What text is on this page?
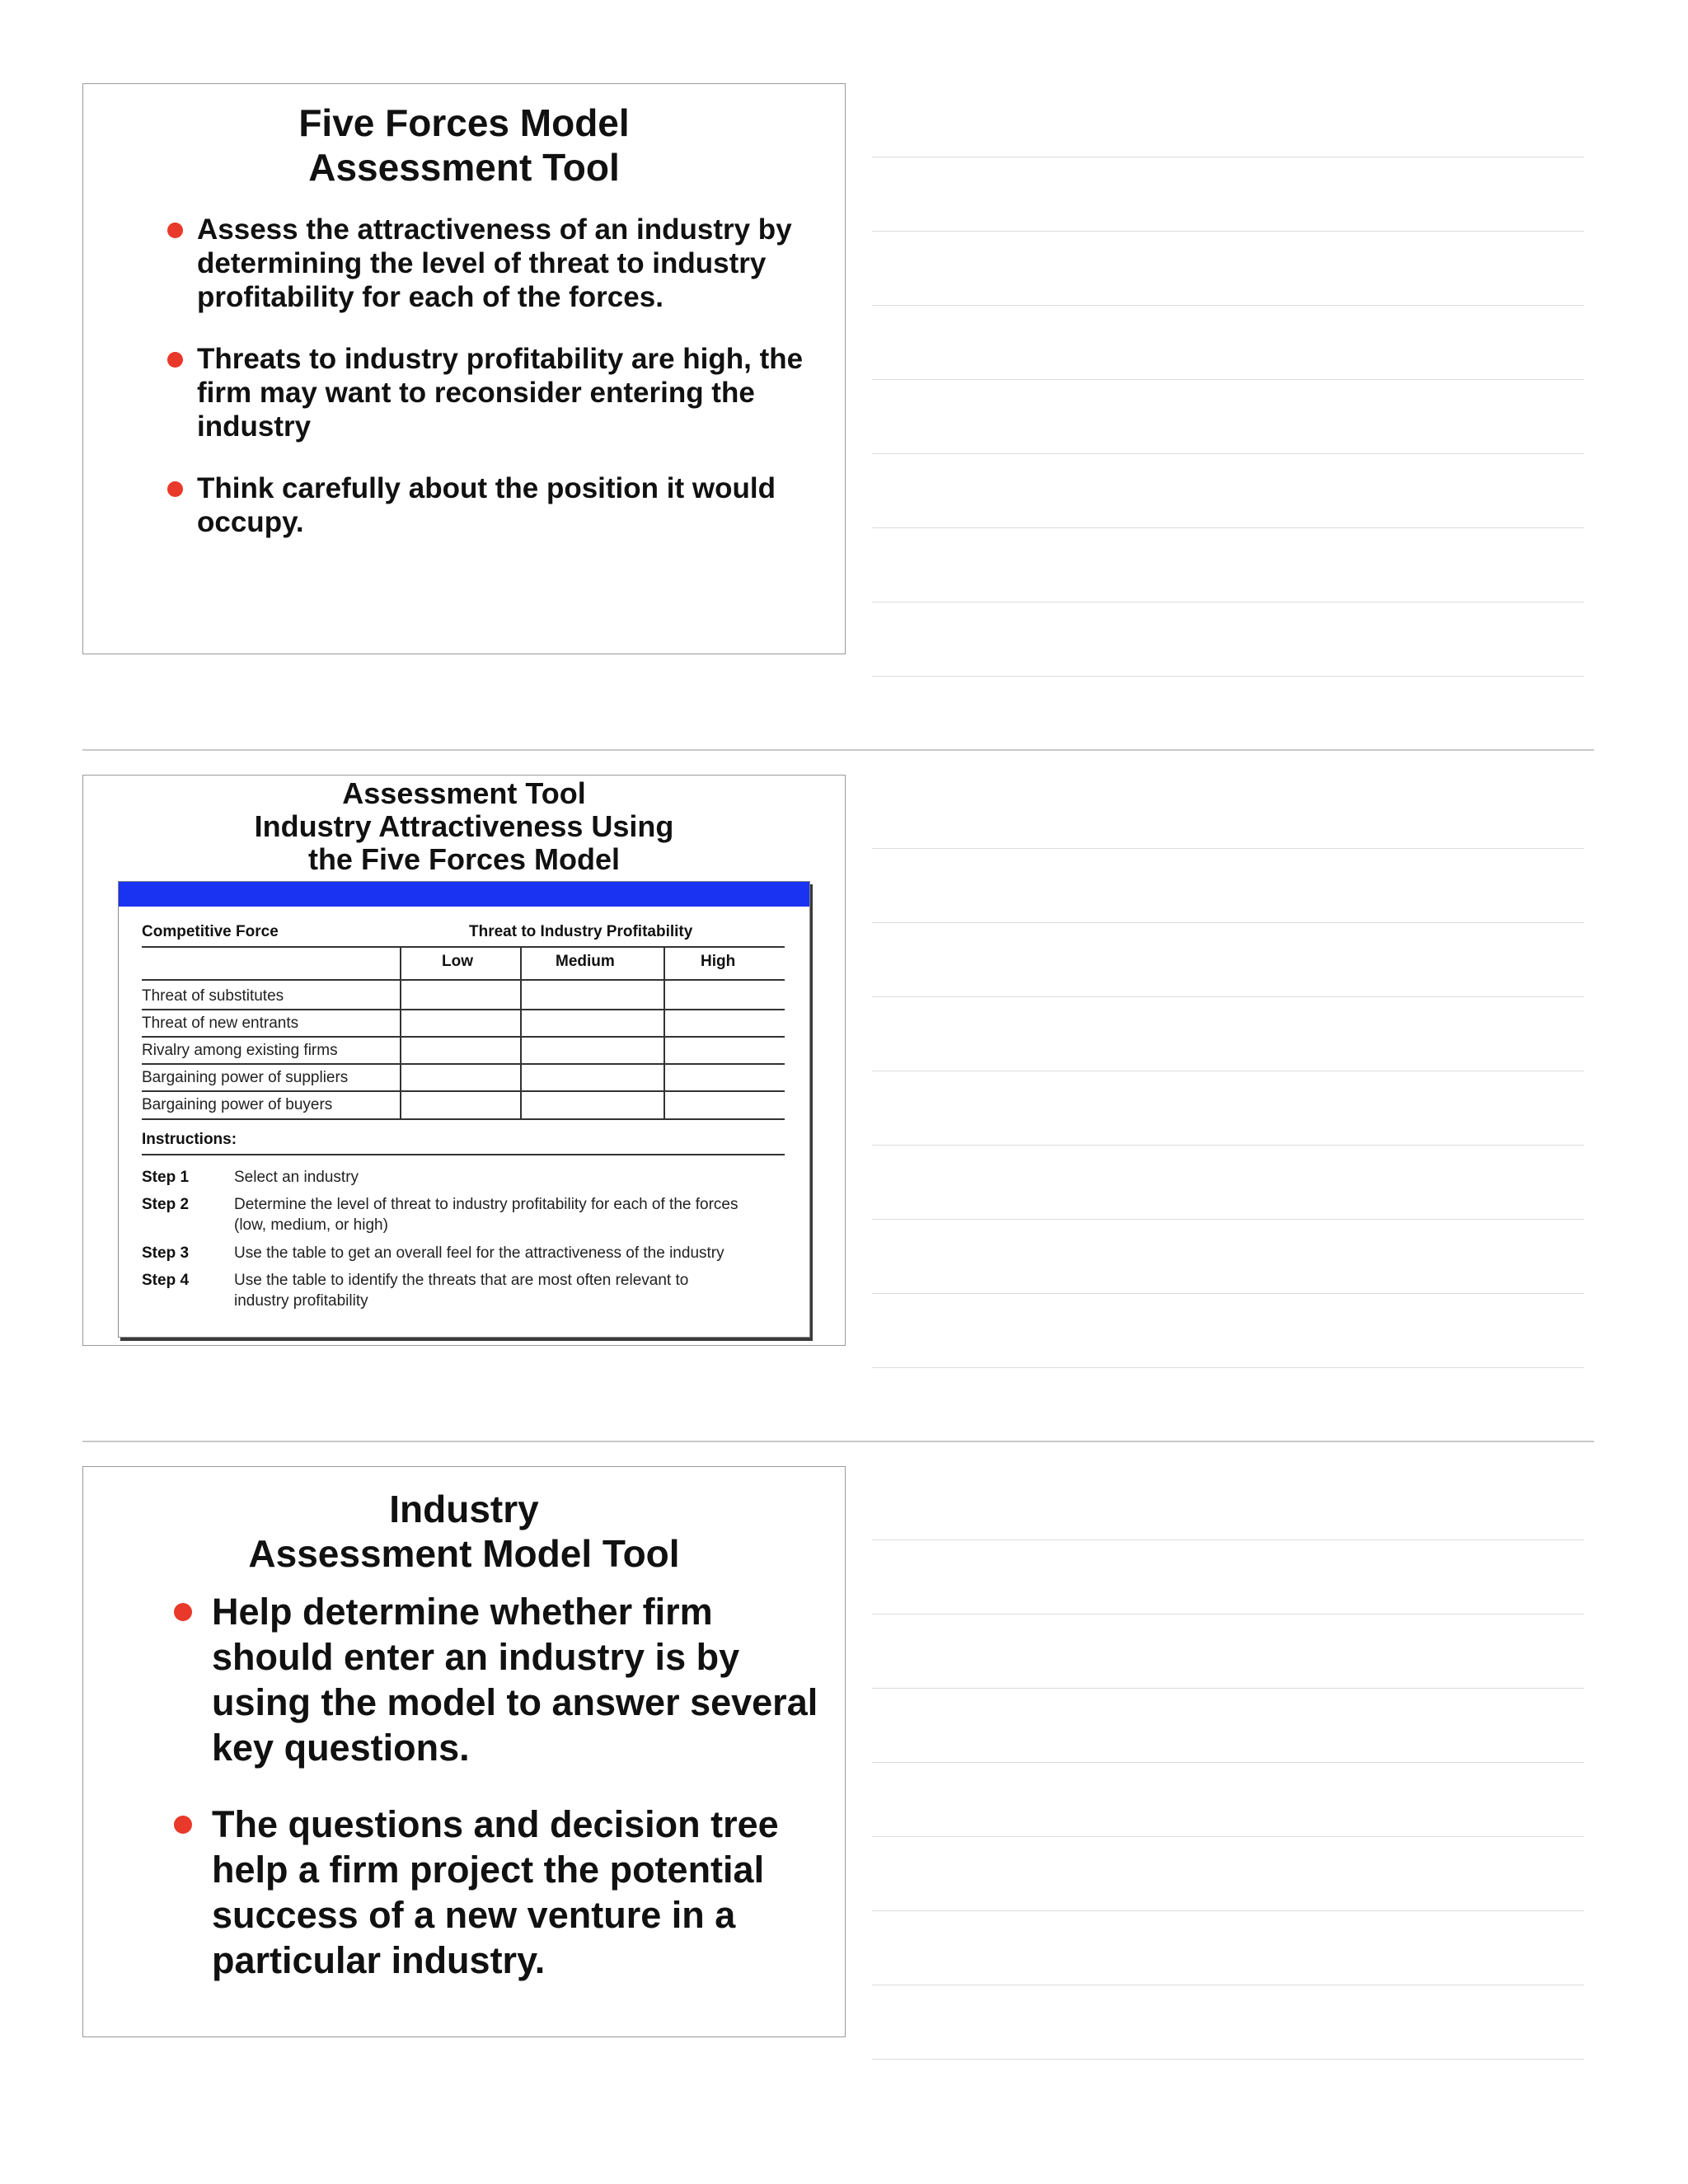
Five Forces Model
Assessment Tool
Assess the attractiveness of an industry by determining the level of threat to industry profitability for each of the forces.
Threats to industry profitability are high, the firm may want to reconsider entering the industry
Think carefully about the position it would occupy.
Assessment Tool
Industry Attractiveness Using
the Five Forces Model
Competitive Force	Threat to Industry Profitability
Low	Medium	High
Threat of substitutes
Threat of new entrants
Rivalry among existing firms
Bargaining power of suppliers
Bargaining power of buyers
Instructions:
Step 1	Select an industry
Step 2	Determine the level of threat to industry profitability for each of the forces
(low, medium, or high)
Step 3	Use the table to get an overall feel for the attractiveness of the industry
Step 4	Use the table to identify the threats that are most often relevant to
industry profitability
Industry
Assessment Model Tool
Help determine whether firm should enter an industry is by using the model to answer several key questions.
The questions and decision tree help a firm project the potential success of a new venture in a particular industry.
